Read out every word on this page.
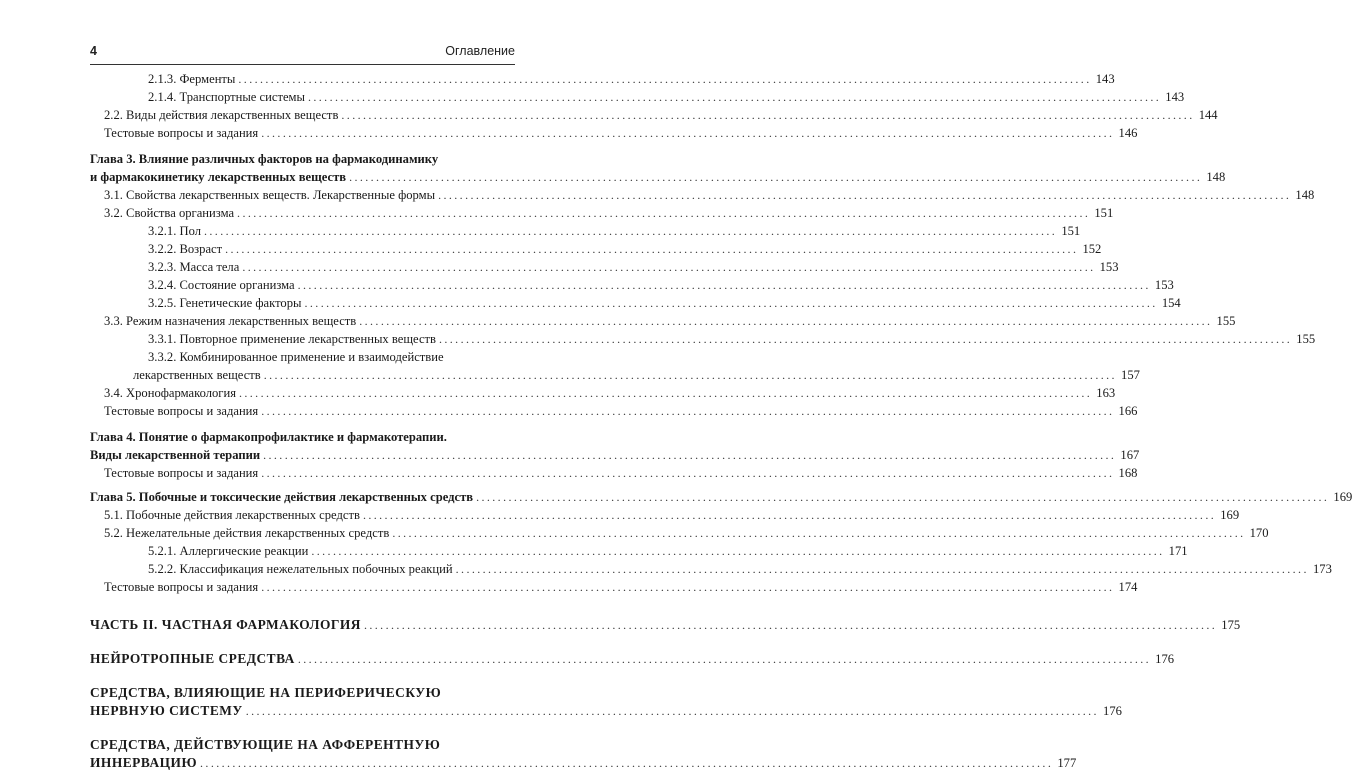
4	Оглавление
2.1.3. Ферменты .............................................................................................................................................................. 143
2.1.4. Транспортные системы .............................................................................................................................................................. 143
2.2. Виды действия лекарственных веществ .............................................................................................................................................................. 144
Тестовые вопросы и задания .............................................................................................................................................................. 146
Глава 3. Влияние различных факторов на фармакодинамику
и фармакокинетику лекарственных веществ .............................................................................................................................................................. 148
3.1. Свойства лекарственных веществ. Лекарственные формы .............................................................................................................................................................. 148
3.2. Свойства организма .............................................................................................................................................................. 151
3.2.1. Пол .............................................................................................................................................................. 151
3.2.2. Возраст .............................................................................................................................................................. 152
3.2.3. Масса тела .............................................................................................................................................................. 153
3.2.4. Состояние организма .............................................................................................................................................................. 153
3.2.5. Генетические факторы .............................................................................................................................................................. 154
3.3. Режим назначения лекарственных веществ .............................................................................................................................................................. 155
3.3.1. Повторное применение лекарственных веществ .............................................................................................................................................................. 155
3.3.2. Комбинированное применение и взаимодействие
лекарственных веществ .............................................................................................................................................................. 157
3.4. Хронофармакология .............................................................................................................................................................. 163
Тестовые вопросы и задания .............................................................................................................................................................. 166
Глава 4. Понятие о фармакопрофилактике и фармакотерапии.
Виды лекарственной терапии .............................................................................................................................................................. 167
Тестовые вопросы и задания .............................................................................................................................................................. 168
Глава 5. Побочные и токсические действия лекарственных средств .............................................................................................................................................................. 169
5.1. Побочные действия лекарственных средств .............................................................................................................................................................. 169
5.2. Нежелательные действия лекарственных средств .............................................................................................................................................................. 170
5.2.1. Аллергические реакции .............................................................................................................................................................. 171
5.2.2. Классификация нежелательных побочных реакций .............................................................................................................................................................. 173
Тестовые вопросы и задания .............................................................................................................................................................. 174
ЧАСТЬ II. ЧАСТНАЯ ФАРМАКОЛОГИЯ .............................................................................................................................................................. 175
НЕЙРОТРОПНЫЕ СРЕДСТВА .............................................................................................................................................................. 176
СРЕДСТВА, ВЛИЯЮЩИЕ НА ПЕРИФЕРИЧЕСКУЮ
НЕРВНУЮ СИСТЕМУ .............................................................................................................................................................. 176
СРЕДСТВА, ДЕЙСТВУЮЩИЕ НА АФФЕРЕНТНУЮ
ИННЕРВАЦИЮ .............................................................................................................................................................. 177
